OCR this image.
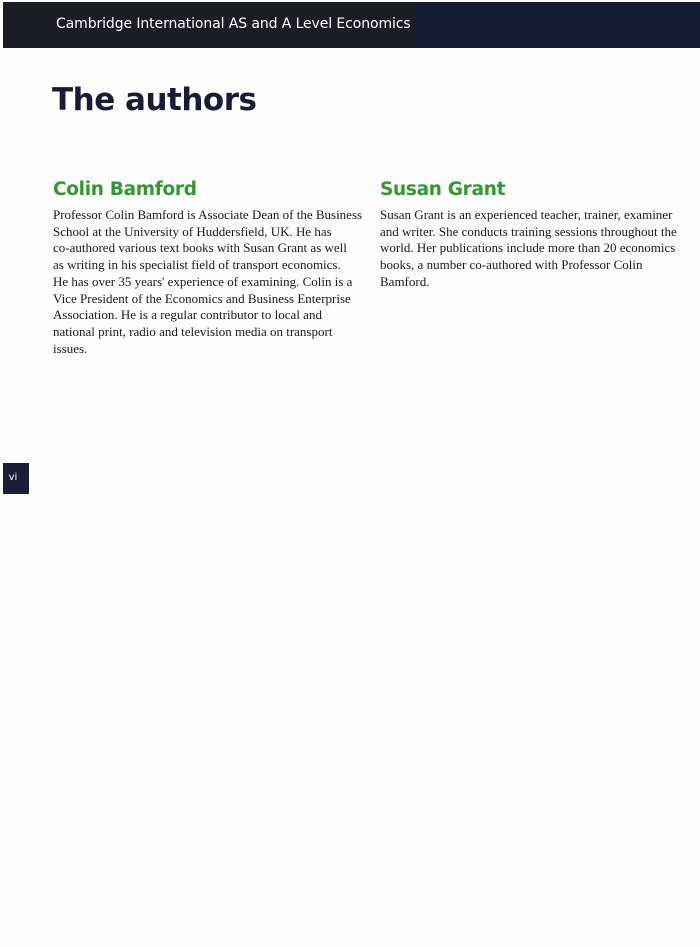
Cambridge International AS and A Level Economics
The authors
Colin Bamford

Professor Colin Bamford is Associate Dean of the Business
School at the University of Huddersfield, UK. He has
co-authored various text books with Susan Grant as well
as writing in his specialist field of transport economics.
He has over 35 years' experience of examining. Colin is a
Vice President of the Economics and Business Enterprise
Association. He is a regular contributor to local and
national print, radio and television media on transport
issues.

Susan Grant

Susan Grant is an experienced teacher, trainer, examiner
and writer. She conducts training sessions throughout the
world. Her publications include more than 20 economics
books, a number co-authored with Professor Colin
Bamford.

vi
